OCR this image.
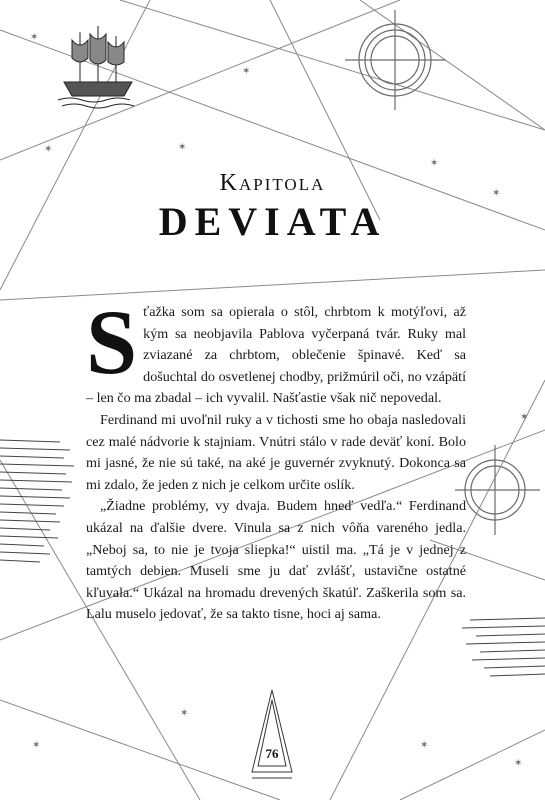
✶
✶
✶	✶
✶
✶
✶
✶
✶
✶
✶
Kapitola
DEVIATA

Sťažka som sa opierala o stôl, chrbtom k motýľovi, až kým sa neobjavila Pablova vyčerpaná tvár. Ruky mal zviazané za chrbtom, oblečenie špinavé. Keď sa došuchtal do osvetlenej chodby, prižmúril oči, no vzápätí – len čo ma zbadal – ich vyvalil. Našťastie však nič nepovedal.

Ferdinand mi uvoľnil ruky a v tichosti sme ho obaja nasledovali cez malé nádvorie k stajniam. Vnútri stálo v rade deväť koní. Bolo mi jasné, že nie sú také, na aké je guvernér zvyknutý. Dokonca sa mi zdalo, že jeden z nich je celkom určite oslík.

„Žiadne problémy, vy dvaja. Budem hneď vedľa.“ Ferdinand ukázal na ďalšie dvere. Vinula sa z nich vôňa vareného jedla. „Neboj sa, to nie je tvoja sliepka!“ uistil ma. „Tá je v jednej z tamtých debien. Museli sme ju dať zvlášť, ustavične ostatné kľuvala.“ Ukázal na hromadu drevených škatúľ. Zaškerila som sa. Lalu muselo jedovať, že sa takto tisne, hoci aj sama.

76
